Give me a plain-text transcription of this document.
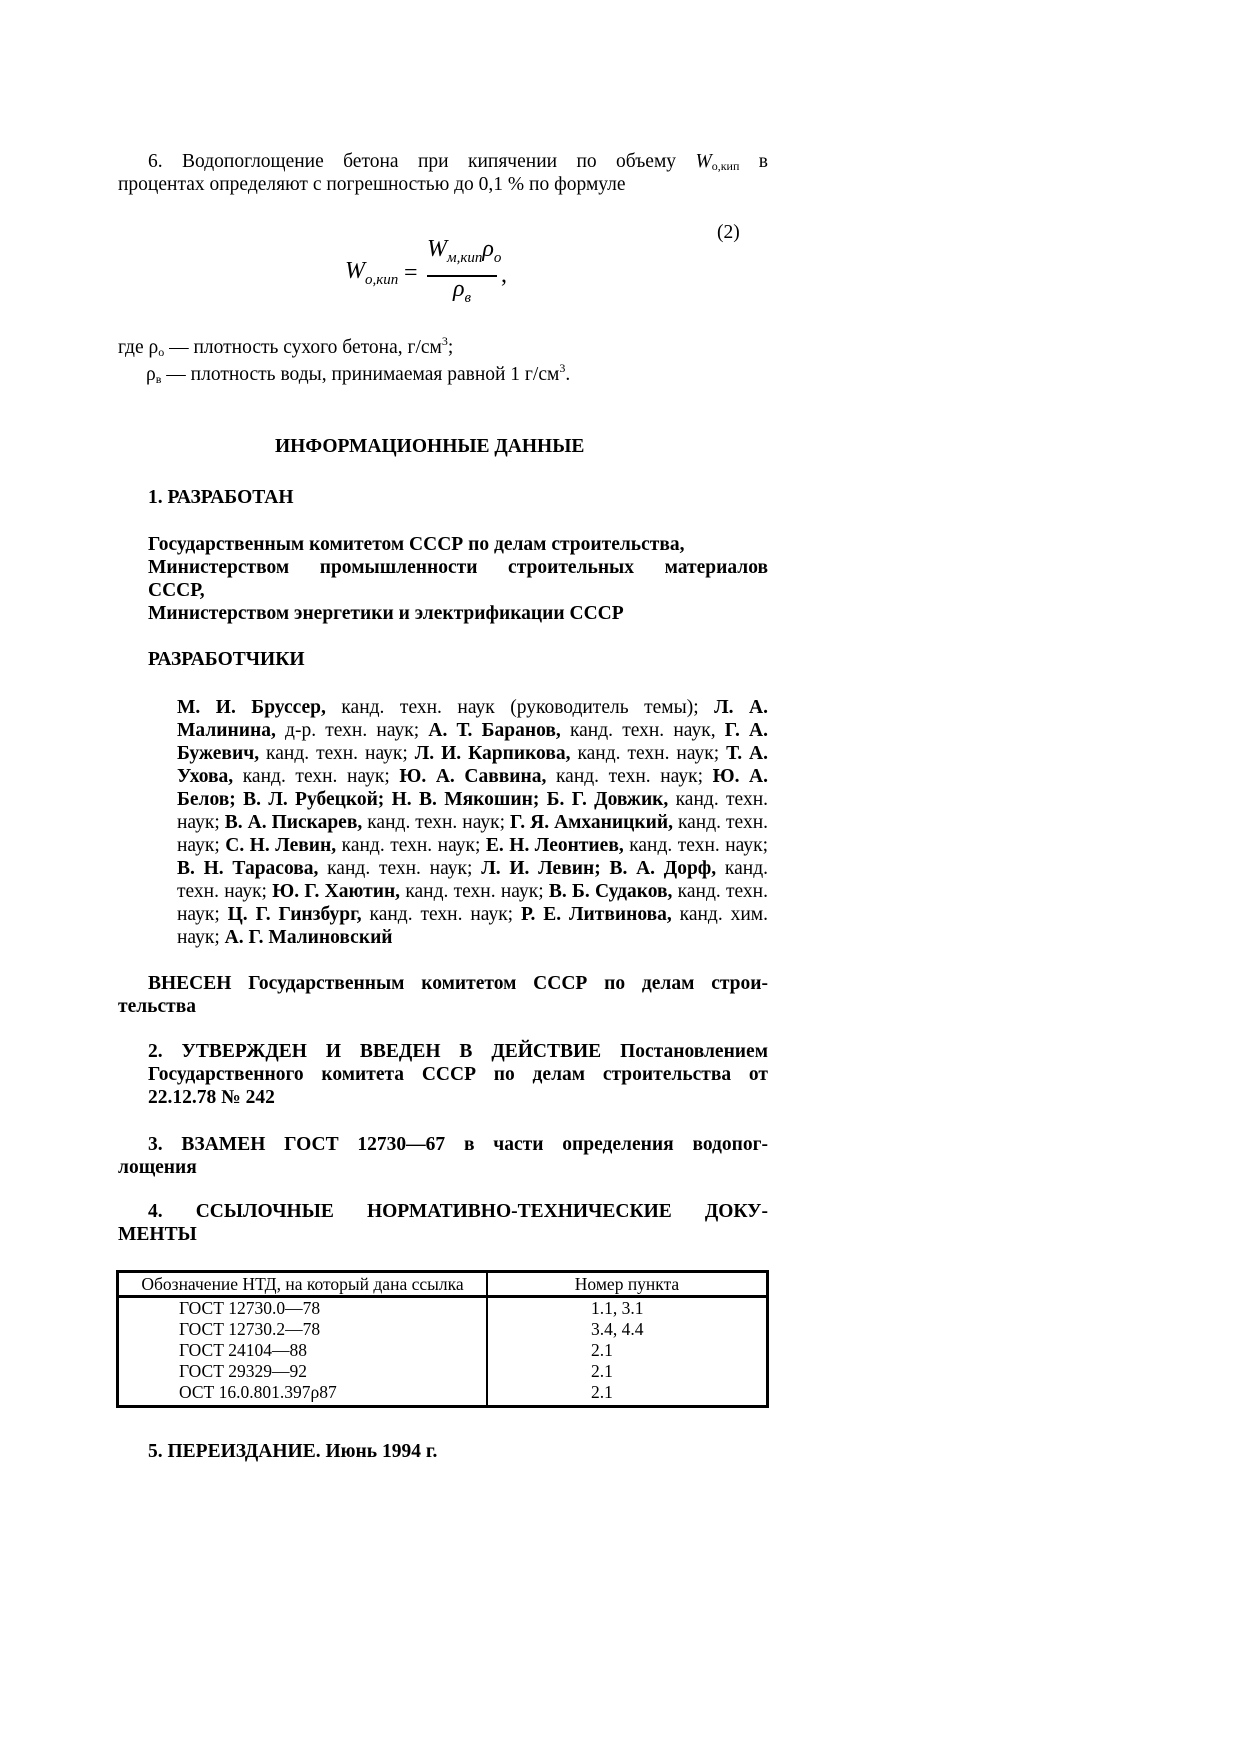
6. Водопоглощение бетона при кипячении по объему $W_{о,кип}$ в
процентах определяют с погрешностью до 0,1 % по формуле
(2)
$W_{о,кип}$ =
$W_{м,кип}\rho_о$
$\rho_в$
,
где $\rho_о$ — плотность сухого бетона, $г/см^3$;
$\rho_в$ — плотность воды, принимаемая равной 1 $г/см^3$.
ИНФОРМАЦИОННЫЕ ДАННЫЕ
1. РАЗРАБОТАН
Государственным комитетом СССР по делам строительства,
Министерством промышленности строительных материалов
СССР,
Министерством энергетики и электрификации СССР
РАЗРАБОТЧИКИ
М. И. Бруссер, канд. техн. наук (руководитель темы); Л. А. Малинина, д-р. техн. наук; А. Т. Баранов, канд. техн. наук, Г. А. Бужевич, канд. техн. наук; Л. И. Карпикова, канд. техн. наук; Т. А. Ухова, канд. техн. наук; Ю. А. Саввина, канд. техн. наук; Ю. А. Белов; В. Л. Рубецкой; Н. В. Мякошин; Б. Г. Довжик, канд. техн. наук; В. А. Пискарев, канд. техн. наук; Г. Я. Амханицкий, канд. техн. наук; С. Н. Левин, канд. техн. наук; Е. Н. Леонтиев, канд. техн. наук; В. Н. Тарасова, канд. техн. наук; Л. И. Левин; В. А. Дорф, канд. техн. наук; Ю. Г. Хаютин, канд. техн. наук; В. Б. Судаков, канд. техн. наук; Ц. Г. Гинзбург, канд. техн. наук; Р. Е. Литвинова, канд. хим. наук; А. Г. Малиновский
ВНЕСЕН Государственным комитетом СССР по делам строи-
тельства
2. УТВЕРЖДЕН И ВВЕДЕН В ДЕЙСТВИЕ Постановлением
Государственного комитета СССР по делам строительства от
22.12.78 № 242
3. ВЗАМЕН ГОСТ 12730—67 в части определения водопог-
лощения
4. ССЫЛОЧНЫЕ НОРМАТИВНО-ТЕХНИЧЕСКИЕ ДОКУ-
МЕНТЫ
Обозначение НТД, на который дана ссылка	Номер пункта
ГОСТ 12730.0—78	1.1, 3.1
ГОСТ 12730.2—78	3.4, 4.4
ГОСТ 24104—88	2.1
ГОСТ 29329—92	2.1
ОСТ 16.0.801.397ρ87	2.1
5. ПЕРЕИЗДАНИЕ. Июнь 1994 г.
